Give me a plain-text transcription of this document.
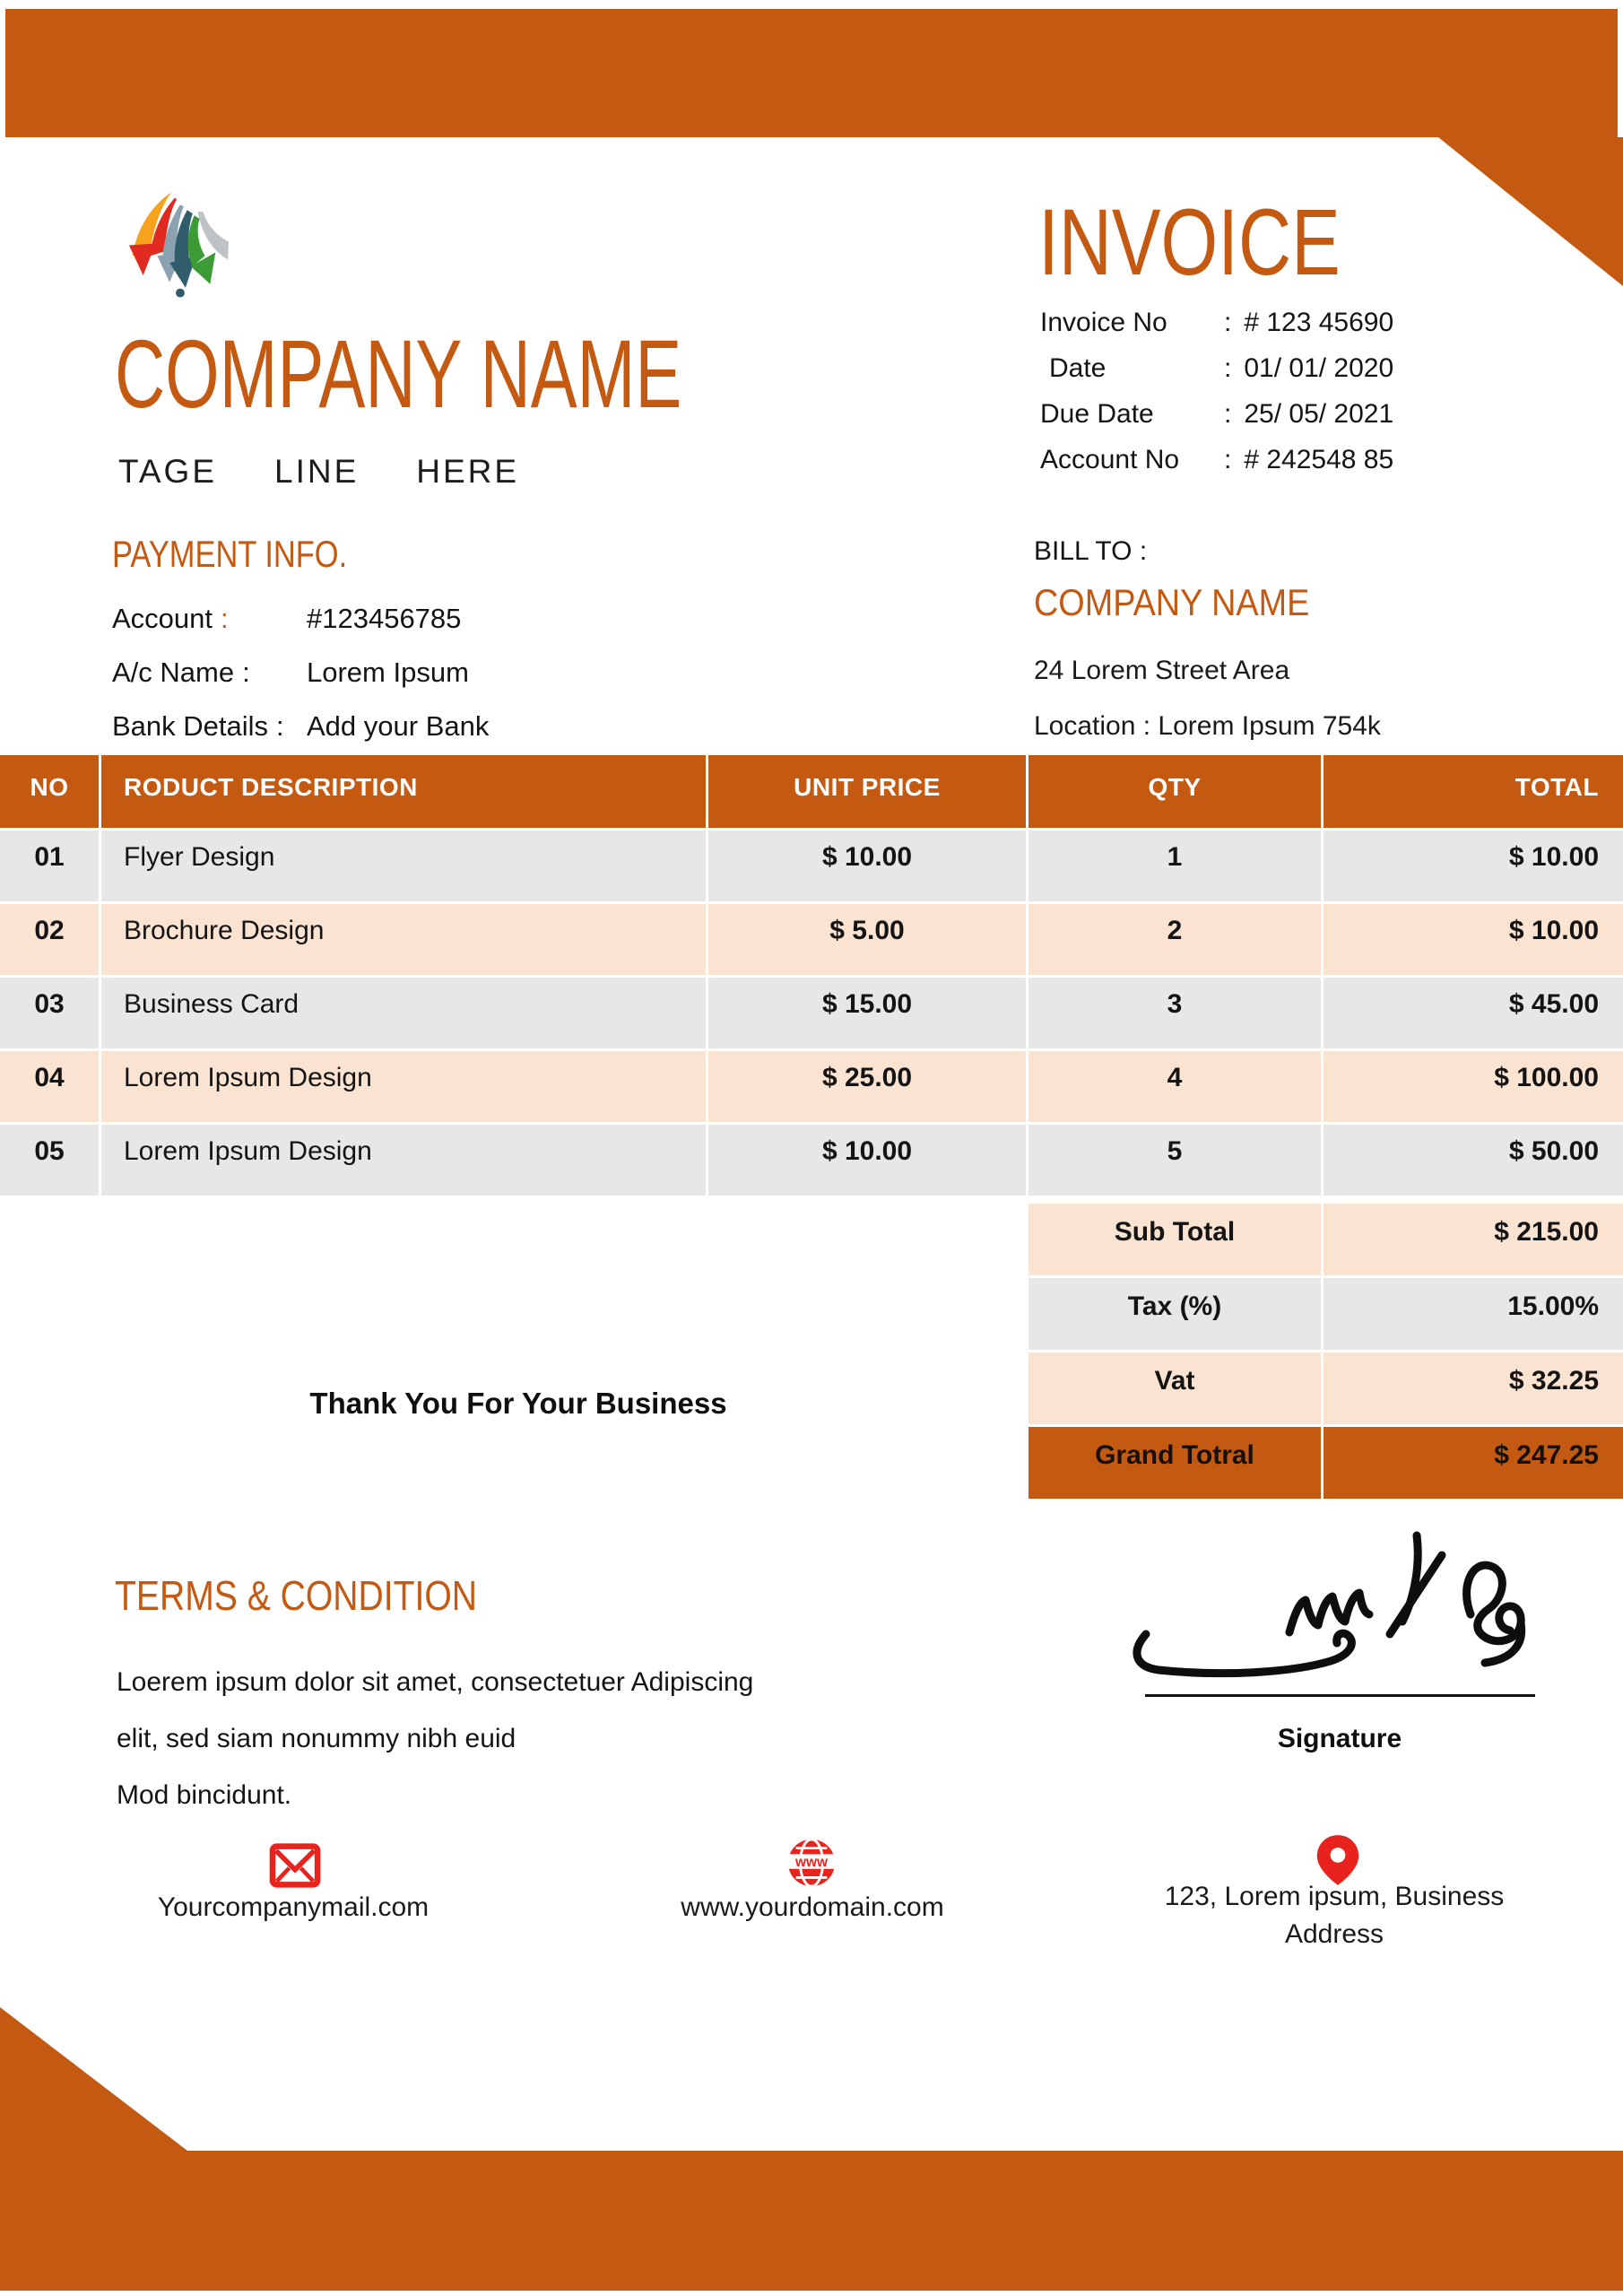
COMPANY NAME
TAGE LINE HERE
INVOICE
Invoice No	: # 123 45690
Date	: 01/ 01/ 2020
Due Date	: 25/ 05/ 2021
Account No	: # 242548 85
PAYMENT INFO.
Account :	#123456785
A/c Name : Lorem Ipsum
Bank Details : Add your Bank
BILL TO :
COMPANY NAME
24 Lorem Street Area
Location : Lorem Ipsum 754k
NO	RODUCT DESCRIPTION	UNIT PRICE	QTY	TOTAL
01	Flyer Design	$ 10.00	1	$ 10.00
02	Brochure Design	$ 5.00	2	$ 10.00
03	Business Card	$ 15.00	3	$ 45.00
04	Lorem Ipsum Design	$ 25.00	4	$ 100.00
05	Lorem Ipsum Design	$ 10.00	5	$ 50.00
Sub Total	$ 215.00
Tax (%)	15.00%
Vat	$ 32.25
Grand Totral	$ 247.25
Thank You For Your Business
TERMS & CONDITION
Loerem ipsum dolor sit amet, consectetuer Adipiscing
elit, sed siam nonummy nibh euid
Mod bincidunt.
Signature
Yourcompanymail.com
www
www.yourdomain.com	123, Lorem ipsum, Business
Address
